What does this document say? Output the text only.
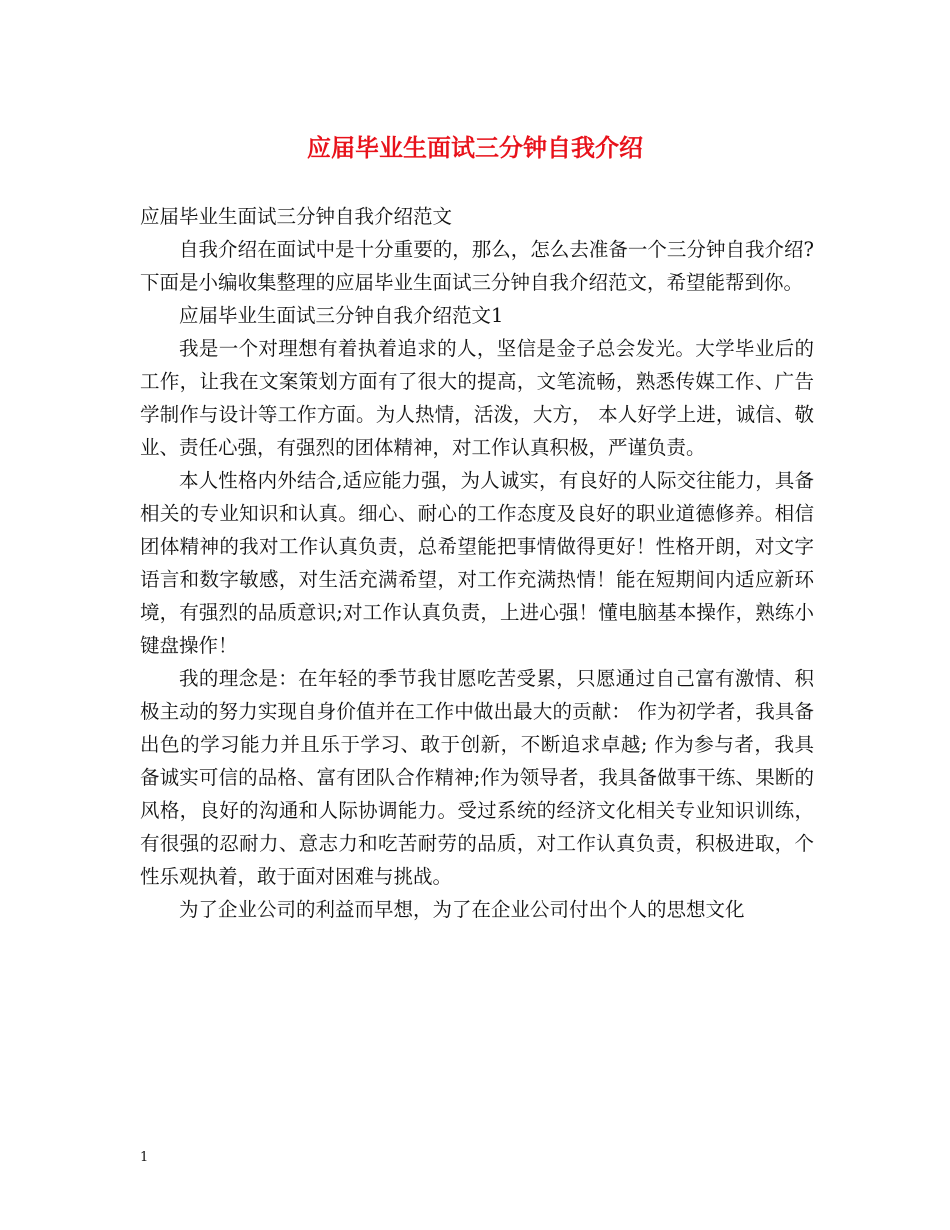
应届毕业生面试三分钟自我介绍

应届毕业生面试三分钟自我介绍范文

自我介绍在面试中是十分重要的，那么，怎么去准备一个三分钟自我介绍?下面是小编收集整理的应届毕业生面试三分钟自我介绍范文，希望能帮到你。

应届毕业生面试三分钟自我介绍范文1

我是一个对理想有着执着追求的人，坚信是金子总会发光。大学毕业后的工作，让我在文案策划方面有了很大的提高，文笔流畅，熟悉传媒工作、广告学制作与设计等工作方面。为人热情，活泼，大方， 本人好学上进，诚信、敬业、责任心强，有强烈的团体精神，对工作认真积极，严谨负责。

本人性格内外结合,适应能力强，为人诚实，有良好的人际交往能力，具备相关的专业知识和认真。细心、耐心的工作态度及良好的职业道德修养。相信团体精神的我对工作认真负责，总希望能把事情做得更好！性格开朗，对文字语言和数字敏感，对生活充满希望，对工作充满热情！能在短期间内适应新环境，有强烈的品质意识;对工作认真负责，上进心强！懂电脑基本操作，熟练小键盘操作！

我的理念是：在年轻的季节我甘愿吃苦受累，只愿通过自己富有激情、积极主动的努力实现自身价值并在工作中做出最大的贡献： 作为初学者，我具备出色的学习能力并且乐于学习、敢于创新，不断追求卓越; 作为参与者，我具备诚实可信的品格、富有团队合作精神;作为领导者，我具备做事干练、果断的风格，良好的沟通和人际协调能力。受过系统的经济文化相关专业知识训练，有很强的忍耐力、意志力和吃苦耐劳的品质，对工作认真负责，积极进取，个性乐观执着，敢于面对困难与挑战。

为了企业公司的利益而早想，为了在企业公司付出个人的思想文化

1
